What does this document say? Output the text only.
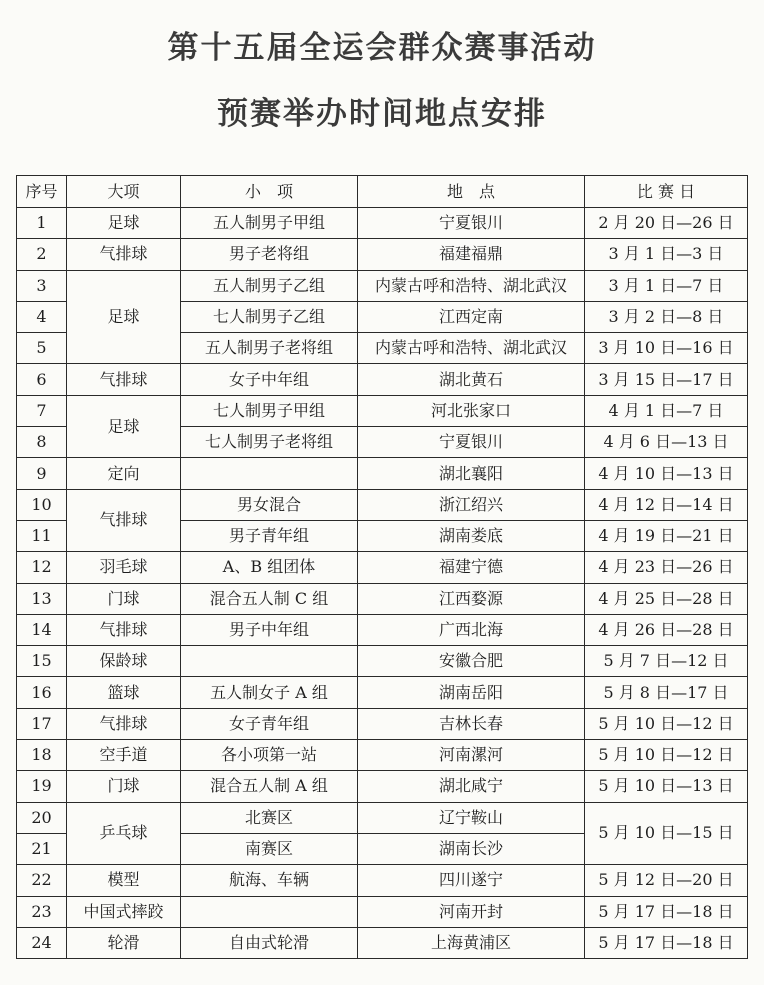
第十五届全运会群众赛事活动
预赛举办时间地点安排
序号	大项	小　项	地　点	比 赛 日
1	足球	五人制男子甲组	宁夏银川	2 月 20 日—26 日
2	气排球	男子老将组	福建福鼎	3 月 1 日—3 日
3	足球	五人制男子乙组	内蒙古呼和浩特、湖北武汉	3 月 1 日—7 日
4		七人制男子乙组	江西定南	3 月 2 日—8 日
5		五人制男子老将组	内蒙古呼和浩特、湖北武汉	3 月 10 日—16 日
6	气排球	女子中年组	湖北黄石	3 月 15 日—17 日
7	足球	七人制男子甲组	河北张家口	4 月 1 日—7 日
8		七人制男子老将组	宁夏银川	4 月 6 日—13 日
9	定向		湖北襄阳	4 月 10 日—13 日
10	气排球	男女混合	浙江绍兴	4 月 12 日—14 日
11		男子青年组	湖南娄底	4 月 19 日—21 日
12	羽毛球	A、B 组团体	福建宁德	4 月 23 日—26 日
13	门球	混合五人制 C 组	江西婺源	4 月 25 日—28 日
14	气排球	男子中年组	广西北海	4 月 26 日—28 日
15	保龄球		安徽合肥	5 月 7 日—12 日
16	篮球	五人制女子 A 组	湖南岳阳	5 月 8 日—17 日
17	气排球	女子青年组	吉林长春	5 月 10 日—12 日
18	空手道	各小项第一站	河南漯河	5 月 10 日—12 日
19	门球	混合五人制 A 组	湖北咸宁	5 月 10 日—13 日
20	乒乓球	北赛区	辽宁鞍山	5 月 10 日—15 日
21		南赛区	湖南长沙	
22	模型	航海、车辆	四川遂宁	5 月 12 日—20 日
23	中国式摔跤		河南开封	5 月 17 日—18 日
24	轮滑	自由式轮滑	上海黄浦区	5 月 17 日—18 日
